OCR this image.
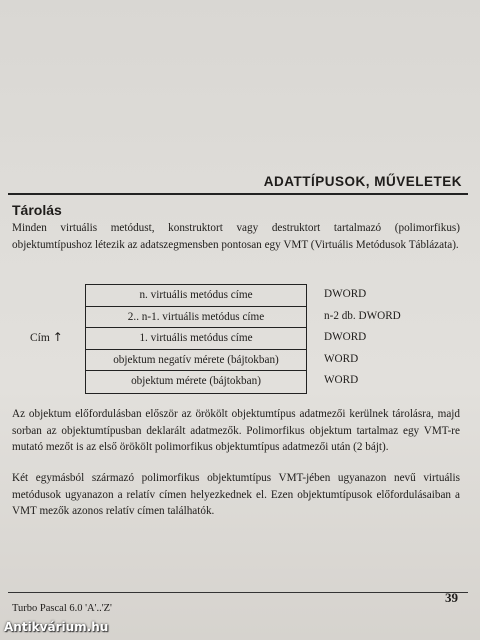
ADATTÍPUSOK, MŰVELETEK
Tárolás
Minden virtuális metódust, konstruktort vagy destruktort tartalmazó (polimorfikus) objektumtípushoz létezik az adatszegmensben pontosan egy VMT (Virtuális Metódusok Táblázata).
Cím ↑
n. virtuális metódus címe
2.. n-1. virtuális metódus címe
1. virtuális metódus címe
objektum negatív mérete (bájtokban)
objektum mérete (bájtokban)
DWORD
n-2 db. DWORD
DWORD
WORD
WORD
Az objektum előfordulásban először az örökölt objektumtípus adatmezői kerülnek tárolásra, majd sorban az objektumtípusban deklarált adatmezők. Polimorfikus objektum tartalmaz egy VMT-re mutató mezőt is az első örökölt polimorfikus objektumtípus adatmezői után (2 bájt).
Két egymásból származó polimorfikus objektumtípus VMT-jében ugyanazon nevű virtuális metódusok ugyanazon a relatív címen helyezkednek el. Ezen objektumtípusok előfordulásaiban a VMT mezők azonos relatív címen találhatók.
Turbo Pascal 6.0 'A'..'Z'
39
Antikvárium.hu
